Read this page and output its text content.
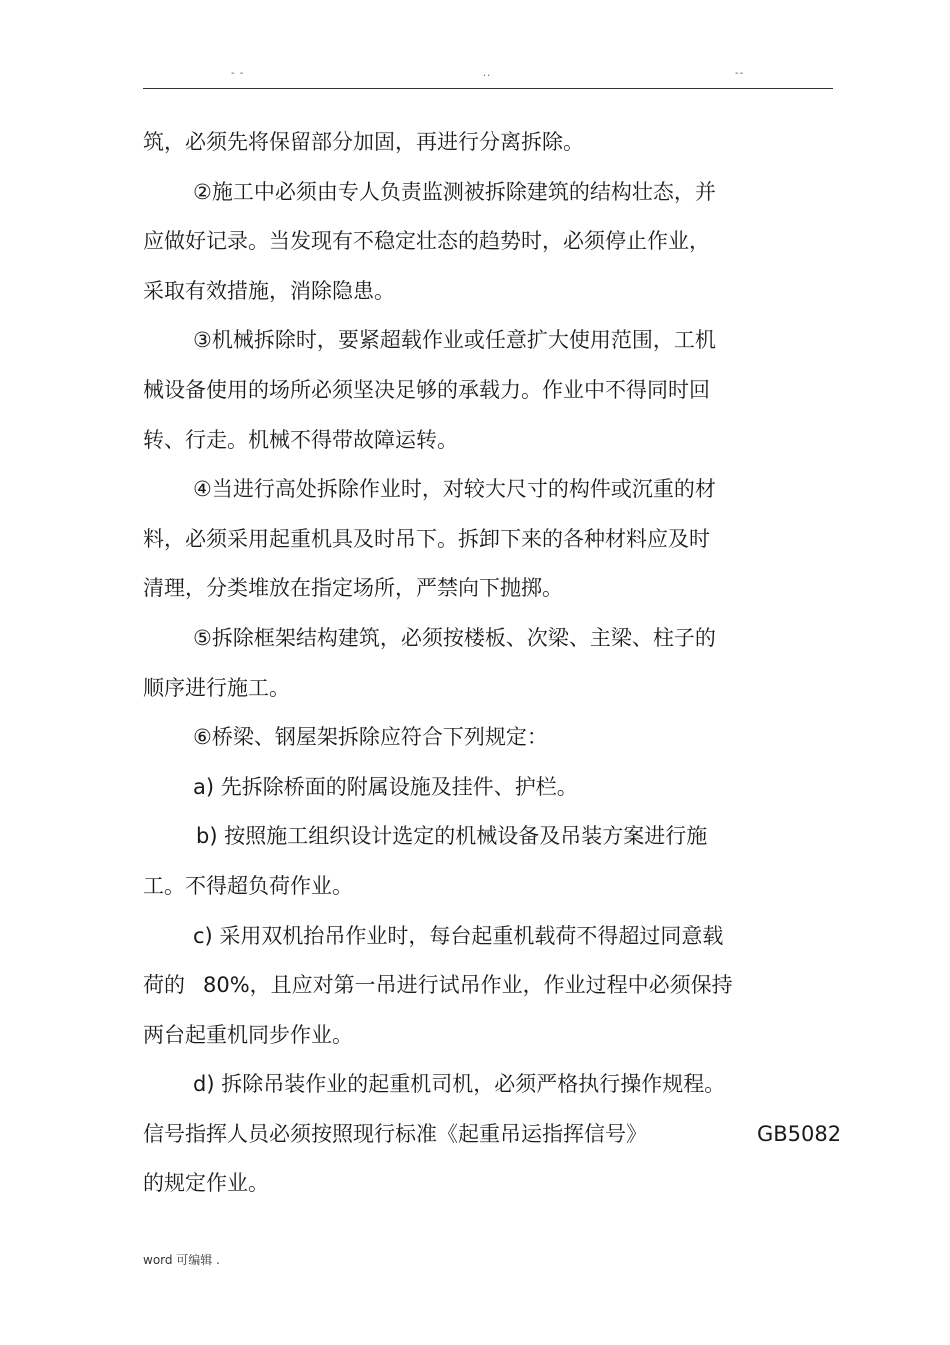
- -	..	--
筑，必须先将保留部分加固，再进行分离拆除。
②施工中必须由专人负责监测被拆除建筑的结构壮态，并
应做好记录。当发现有不稳定壮态的趋势时，必须停止作业，
采取有效措施，消除隐患。
③机械拆除时，要紧超载作业或任意扩大使用范围，工机
械设备使用的场所必须坚决足够的承载力。作业中不得同时回
转、行走。机械不得带故障运转。
④当进行高处拆除作业时，对较大尺寸的构件或沉重的材
料，必须采用起重机具及时吊下。拆卸下来的各种材料应及时
清理，分类堆放在指定场所，严禁向下抛掷。
⑤拆除框架结构建筑，必须按楼板、次梁、主梁、柱子的
顺序进行施工。
⑥桥梁、钢屋架拆除应符合下列规定：
a) 先拆除桥面的附属设施及挂件、护栏。
b) 按照施工组织设计选定的机械设备及吊装方案进行施
工。不得超负荷作业。
c) 采用双机抬吊作业时，每台起重机载荷不得超过同意载
荷的 80%，且应对第一吊进行试吊作业，作业过程中必须保持
两台起重机同步作业。
d) 拆除吊装作业的起重机司机，必须严格执行操作规程。
信号指挥人员必须按照现行标准《起重吊运指挥信号》	GB5082
的规定作业。
word 可编辑 .
